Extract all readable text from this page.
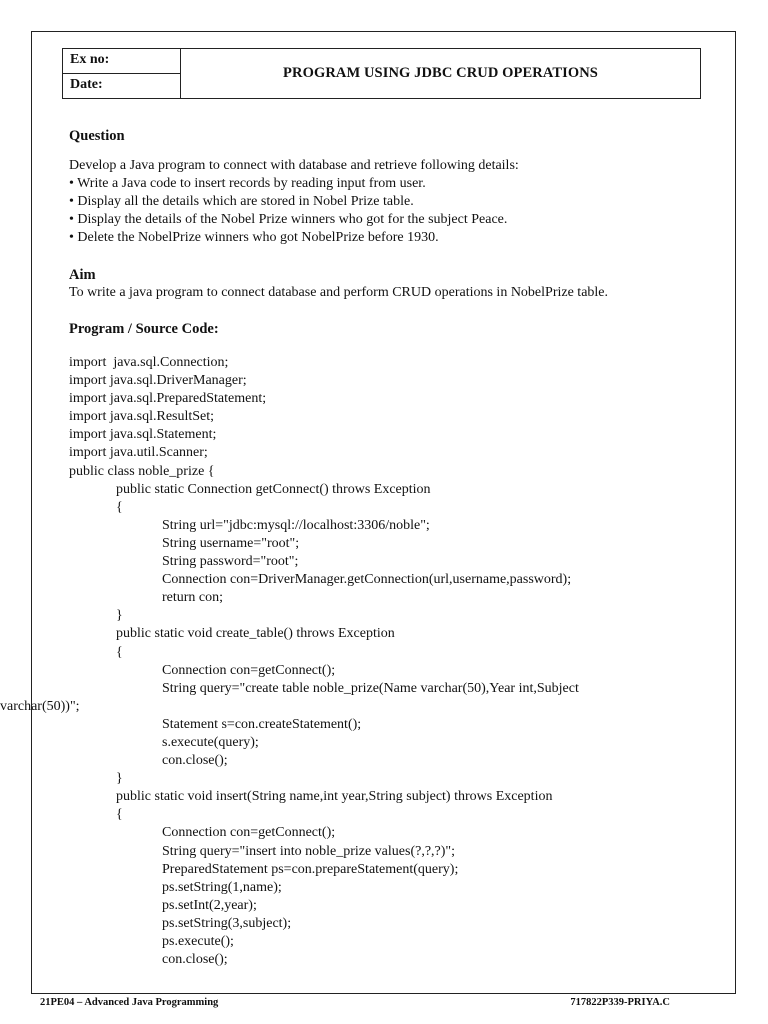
Ex no:
Date:
PROGRAM USING JDBC CRUD OPERATIONS
Question
Develop a Java program to connect with database and retrieve following details:
• Write a Java code to insert records by reading input from user.
• Display all the details which are stored in Nobel Prize table.
• Display the details of the Nobel Prize winners who got for the subject Peace.
• Delete the NobelPrize winners who got NobelPrize before 1930.
Aim
To write a java program to connect database and perform CRUD operations in NobelPrize table.
Program / Source Code:
import  java.sql.Connection;
import java.sql.DriverManager;
import java.sql.PreparedStatement;
import java.sql.ResultSet;
import java.sql.Statement;
import java.util.Scanner;
public class noble_prize {
public static Connection getConnect() throws Exception
{
String url="jdbc:mysql://localhost:3306/noble";
String username="root";
String password="root";
Connection con=DriverManager.getConnection(url,username,password);
return con;
}
public static void create_table() throws Exception
{
Connection con=getConnect();
String query="create table noble_prize(Name varchar(50),Year int,Subject
varchar(50))";
Statement s=con.createStatement();
s.execute(query);
con.close();
}
public static void insert(String name,int year,String subject) throws Exception
{
Connection con=getConnect();
String query="insert into noble_prize values(?,?,?)";
PreparedStatement ps=con.prepareStatement(query);
ps.setString(1,name);
ps.setInt(2,year);
ps.setString(3,subject);
ps.execute();
con.close();
21PE04 – Advanced Java Programming	717822P339-PRIYA.C
